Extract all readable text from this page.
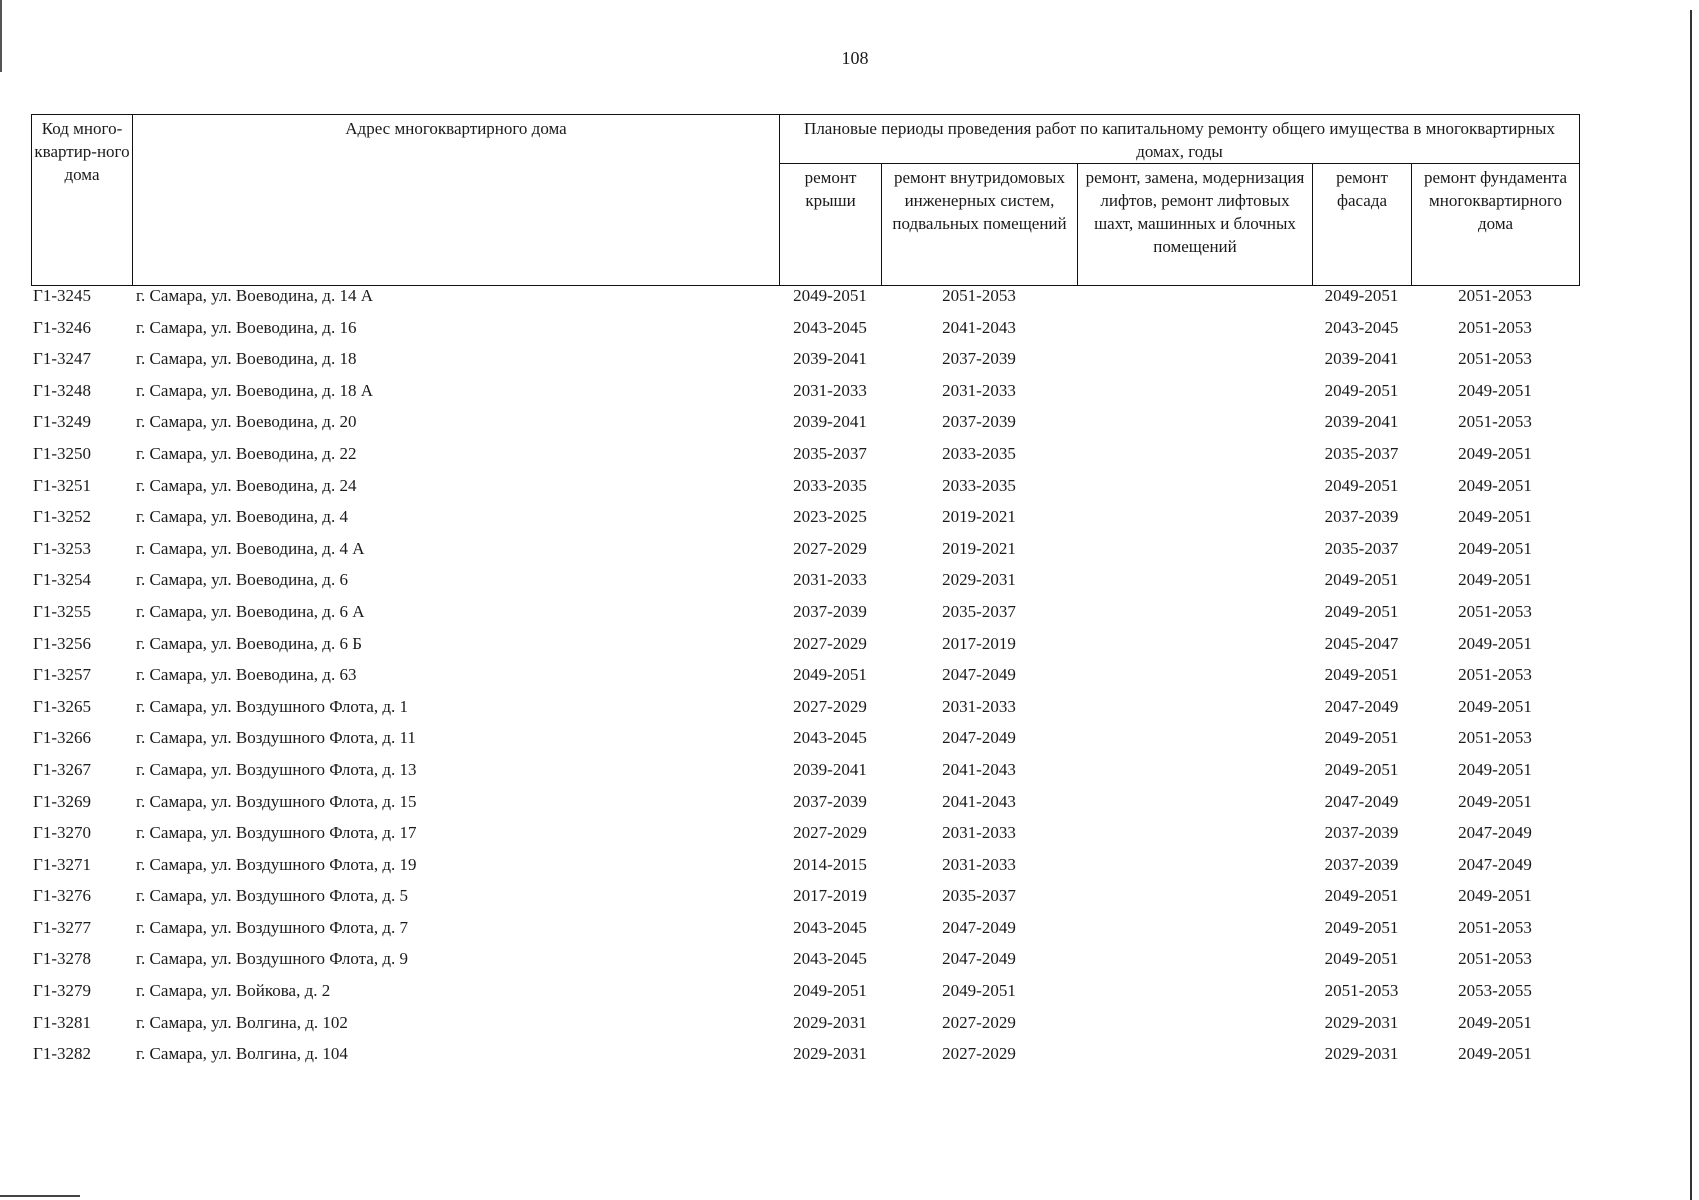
108
Код много-квартир-ного дома	Адрес многоквартирного дома	Плановые периоды проведения работ по капитальному ремонту общего имущества в многоквартирных домах, годы				
		ремонт крыши	ремонт внутридомовых инженерных систем, подвальных помещений	ремонт, замена, модернизация лифтов, ремонт лифтовых шахт, машинных и блочных помещений	ремонт фасада	ремонт фундамента многоквартирного дома
Г1-3245	г. Самара, ул. Воеводина, д. 14 А	2049-2051	2051-2053		2049-2051	2051-2053
Г1-3246	г. Самара, ул. Воеводина, д. 16	2043-2045	2041-2043		2043-2045	2051-2053
Г1-3247	г. Самара, ул. Воеводина, д. 18	2039-2041	2037-2039		2039-2041	2051-2053
Г1-3248	г. Самара, ул. Воеводина, д. 18 А	2031-2033	2031-2033		2049-2051	2049-2051
Г1-3249	г. Самара, ул. Воеводина, д. 20	2039-2041	2037-2039		2039-2041	2051-2053
Г1-3250	г. Самара, ул. Воеводина, д. 22	2035-2037	2033-2035		2035-2037	2049-2051
Г1-3251	г. Самара, ул. Воеводина, д. 24	2033-2035	2033-2035		2049-2051	2049-2051
Г1-3252	г. Самара, ул. Воеводина, д. 4	2023-2025	2019-2021		2037-2039	2049-2051
Г1-3253	г. Самара, ул. Воеводина, д. 4 А	2027-2029	2019-2021		2035-2037	2049-2051
Г1-3254	г. Самара, ул. Воеводина, д. 6	2031-2033	2029-2031		2049-2051	2049-2051
Г1-3255	г. Самара, ул. Воеводина, д. 6 А	2037-2039	2035-2037		2049-2051	2051-2053
Г1-3256	г. Самара, ул. Воеводина, д. 6 Б	2027-2029	2017-2019		2045-2047	2049-2051
Г1-3257	г. Самара, ул. Воеводина, д. 63	2049-2051	2047-2049		2049-2051	2051-2053
Г1-3265	г. Самара, ул. Воздушного Флота, д. 1	2027-2029	2031-2033		2047-2049	2049-2051
Г1-3266	г. Самара, ул. Воздушного Флота, д. 11	2043-2045	2047-2049		2049-2051	2051-2053
Г1-3267	г. Самара, ул. Воздушного Флота, д. 13	2039-2041	2041-2043		2049-2051	2049-2051
Г1-3269	г. Самара, ул. Воздушного Флота, д. 15	2037-2039	2041-2043		2047-2049	2049-2051
Г1-3270	г. Самара, ул. Воздушного Флота, д. 17	2027-2029	2031-2033		2037-2039	2047-2049
Г1-3271	г. Самара, ул. Воздушного Флота, д. 19	2014-2015	2031-2033		2037-2039	2047-2049
Г1-3276	г. Самара, ул. Воздушного Флота, д. 5	2017-2019	2035-2037		2049-2051	2049-2051
Г1-3277	г. Самара, ул. Воздушного Флота, д. 7	2043-2045	2047-2049		2049-2051	2051-2053
Г1-3278	г. Самара, ул. Воздушного Флота, д. 9	2043-2045	2047-2049		2049-2051	2051-2053
Г1-3279	г. Самара, ул. Войкова, д. 2	2049-2051	2049-2051		2051-2053	2053-2055
Г1-3281	г. Самара, ул. Волгина, д. 102	2029-2031	2027-2029		2029-2031	2049-2051
Г1-3282	г. Самара, ул. Волгина, д. 104	2029-2031	2027-2029		2029-2031	2049-2051
